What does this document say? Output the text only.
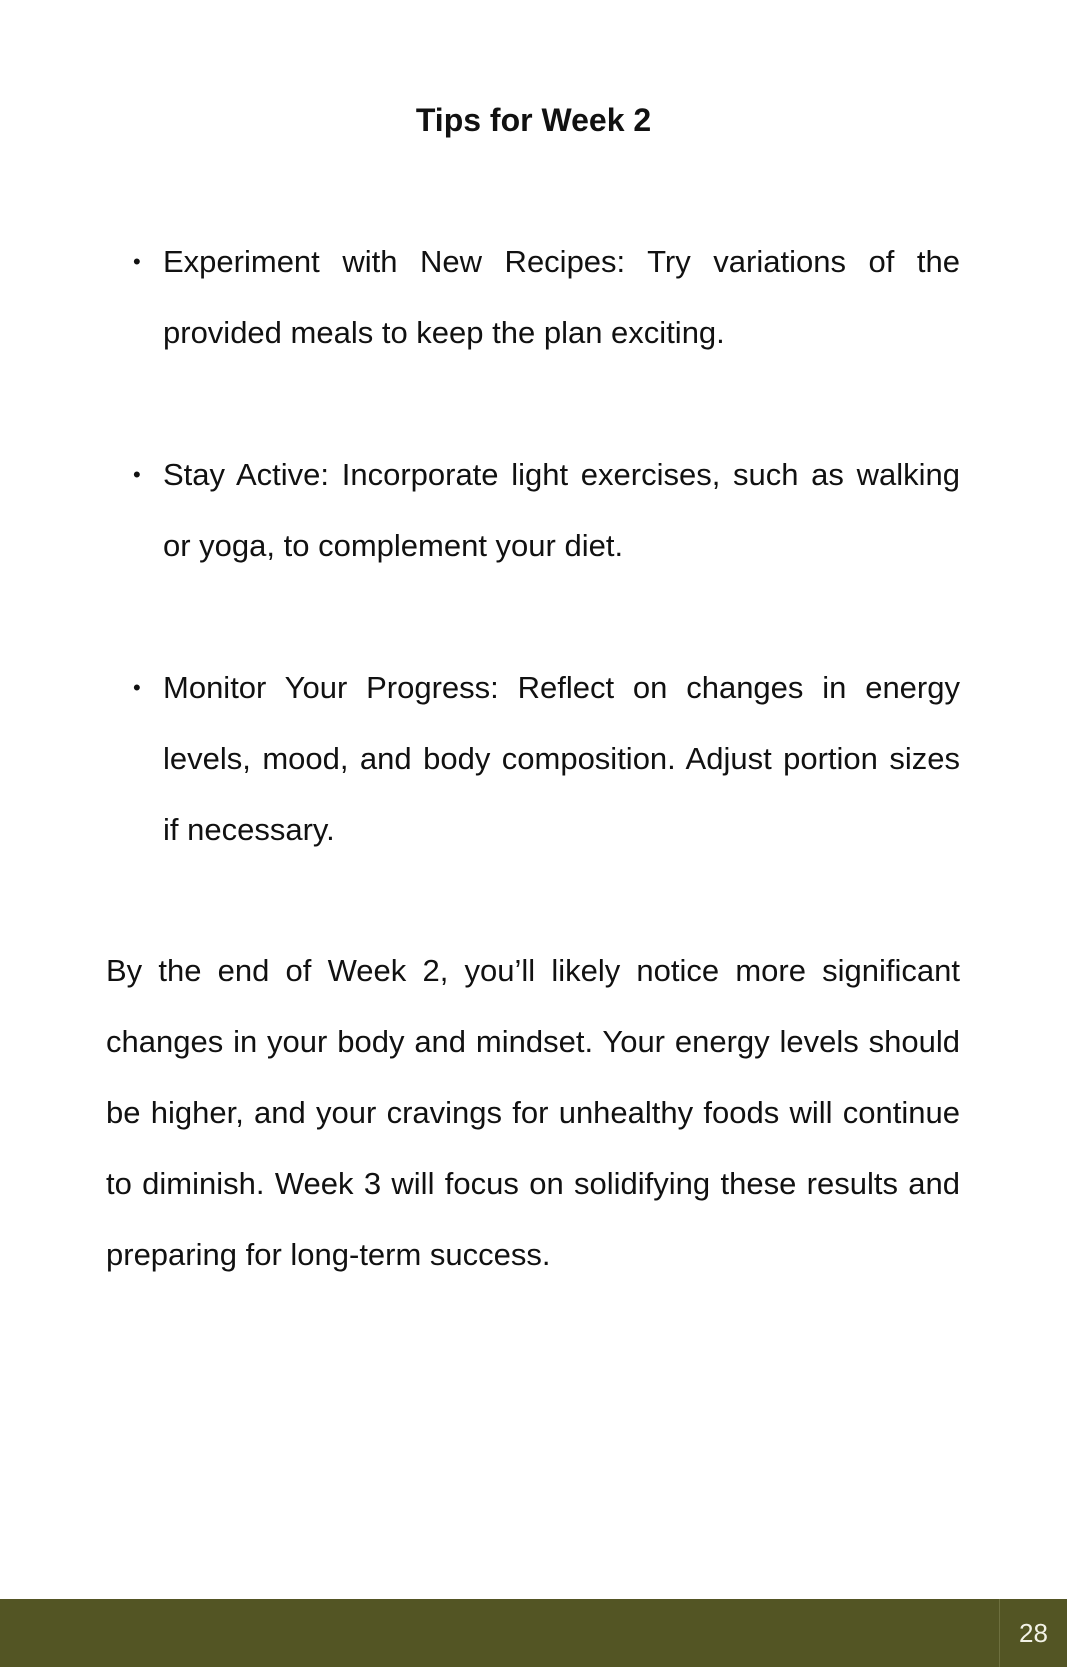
Tips for Week 2
• Experiment with New Recipes: Try variations of the provided meals to keep the plan exciting.
• Stay Active: Incorporate light exercises, such as walking or yoga, to complement your diet.
• Monitor Your Progress: Reflect on changes in energy levels, mood, and body composition. Adjust portion sizes if necessary.

By the end of Week 2, you’ll likely notice more significant changes in your body and mindset. Your energy levels should be higher, and your cravings for unhealthy foods will continue to diminish. Week 3 will focus on solidifying these results and preparing for long-term success.

28
